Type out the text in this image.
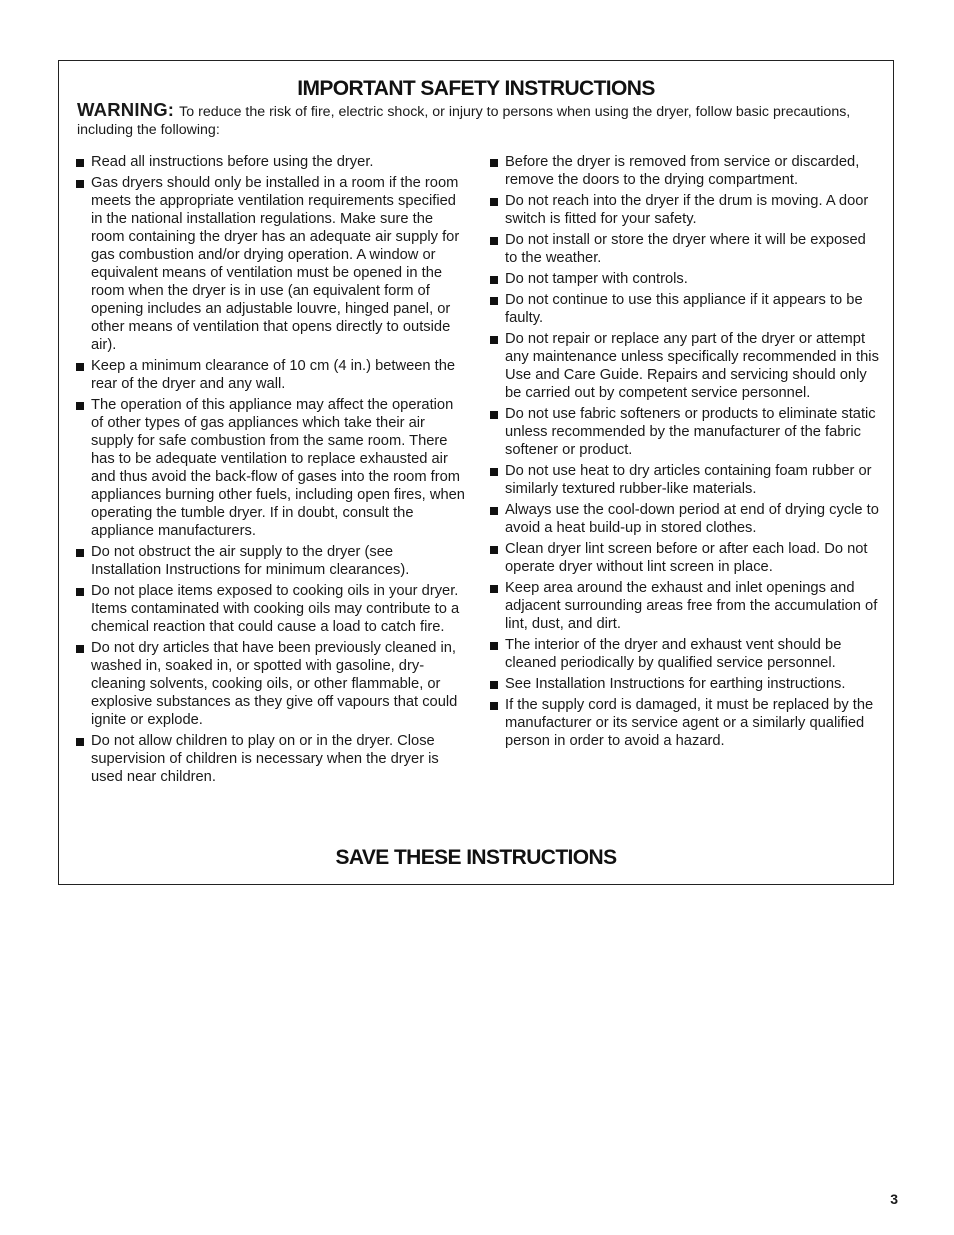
IMPORTANT SAFETY INSTRUCTIONS
WARNING: To reduce the risk of fire, electric shock, or injury to persons when using the dryer, follow basic precautions, including the following:
Read all instructions before using the dryer.
Gas dryers should only be installed in a room if the room meets the appropriate ventilation requirements specified in the national installation regulations. Make sure the room containing the dryer has an adequate air supply for gas combustion and/or drying operation. A window or equivalent means of ventilation must be opened in the room when the dryer is in use (an equivalent form of opening includes an adjustable louvre, hinged panel, or other means of ventilation that opens directly to outside air).
Keep a minimum clearance of 10 cm (4 in.) between the rear of the dryer and any wall.
The operation of this appliance may affect the operation of other types of gas appliances which take their air supply for safe combustion from the same room. There has to be adequate ventilation to replace exhausted air and thus avoid the back-flow of gases into the room from appliances burning other fuels, including open fires, when operating the tumble dryer. If in doubt, consult the appliance manufacturers.
Do not obstruct the air supply to the dryer (see Installation Instructions for minimum clearances).
Do not place items exposed to cooking oils in your dryer. Items contaminated with cooking oils may contribute to a chemical reaction that could cause a load to catch fire.
Do not dry articles that have been previously cleaned in, washed in, soaked in, or spotted with gasoline, dry-cleaning solvents, cooking oils, or other flammable, or explosive substances as they give off vapours that could ignite or explode.
Do not allow children to play on or in the dryer. Close supervision of children is necessary when the dryer is used near children.
Before the dryer is removed from service or discarded, remove the doors to the drying compartment.
Do not reach into the dryer if the drum is moving. A door switch is fitted for your safety.
Do not install or store the dryer where it will be exposed to the weather.
Do not tamper with controls.
Do not continue to use this appliance if it appears to be faulty.
Do not repair or replace any part of the dryer or attempt any maintenance unless specifically recommended in this Use and Care Guide. Repairs and servicing should only be carried out by competent service personnel.
Do not use fabric softeners or products to eliminate static unless recommended by the manufacturer of the fabric softener or product.
Do not use heat to dry articles containing foam rubber or similarly textured rubber-like materials.
Always use the cool-down period at end of drying cycle to avoid a heat build-up in stored clothes.
Clean dryer lint screen before or after each load. Do not operate dryer without lint screen in place.
Keep area around the exhaust and inlet openings and adjacent surrounding areas free from the accumulation of lint, dust, and dirt.
The interior of the dryer and exhaust vent should be cleaned periodically by qualified service personnel.
See Installation Instructions for earthing instructions.
If the supply cord is damaged, it must be replaced by the manufacturer or its service agent or a similarly qualified person in order to avoid a hazard.
SAVE THESE INSTRUCTIONS
3
